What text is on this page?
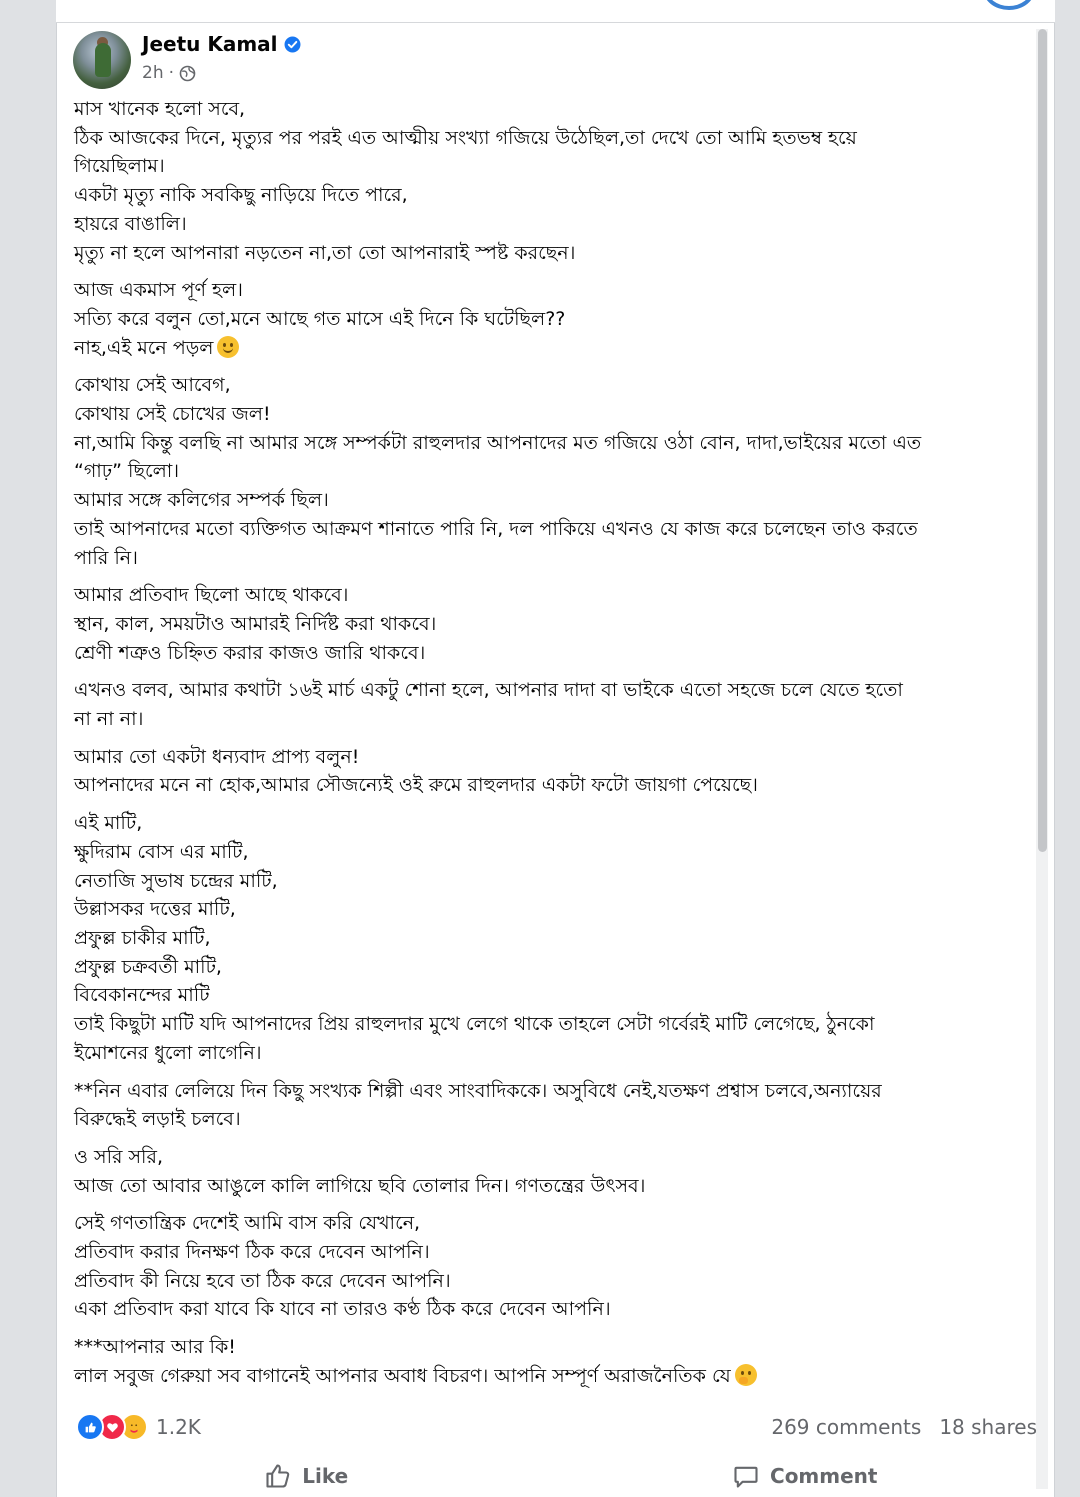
Jeetu Kamal
2h ·
মাস খানেক হলো সবে,
ঠিক আজকের দিনে, মৃত্যুর পর পরই এত আত্মীয় সংখ্যা গজিয়ে উঠেছিল,তা দেখে তো আমি হতভম্ব হয়ে
গিয়েছিলাম।
একটা মৃত্যু নাকি সবকিছু নাড়িয়ে দিতে পারে,
হায়রে বাঙালি।
মৃত্যু না হলে আপনারা নড়তেন না,তা তো আপনারাই স্পষ্ট করছেন।
আজ একমাস পূর্ণ হল।
সত্যি করে বলুন তো,মনে আছে গত মাসে এই দিনে কি ঘটেছিল??
নাহ,এই মনে পড়ল
কোথায় সেই আবেগ,
কোথায় সেই চোখের জল!
না,আমি কিন্তু বলছি না আমার সঙ্গে সম্পর্কটা রাহুলদার আপনাদের মত গজিয়ে ওঠা বোন, দাদা,ভাইয়ের মতো এত
“গাঢ়” ছিলো।
আমার সঙ্গে কলিগের সম্পর্ক ছিল।
তাই আপনাদের মতো ব্যক্তিগত আক্রমণ শানাতে পারি নি, দল পাকিয়ে এখনও যে কাজ করে চলেছেন তাও করতে
পারি নি।
আমার প্রতিবাদ ছিলো আছে থাকবে।
স্থান, কাল, সময়টাও আমারই নির্দিষ্ট করা থাকবে।
শ্রেণী শত্রুও চিহ্নিত করার কাজও জারি থাকবে।
এখনও বলব, আমার কথাটা ১৬ই মার্চ একটু শোনা হলে, আপনার দাদা বা ভাইকে এতো সহজে চলে যেতে হতো
না না না।
আমার তো একটা ধন্যবাদ প্রাপ্য বলুন!
আপনাদের মনে না হোক,আমার সৌজন্যেই ওই রুমে রাহুলদার একটা ফটো জায়গা পেয়েছে।
এই মাটি,
ক্ষুদিরাম বোস এর মাটি,
নেতাজি সুভাষ চন্দ্রের মাটি,
উল্লাসকর দত্তের মাটি,
প্রফুল্ল চাকীর মাটি,
প্রফুল্ল চক্রবর্তী মাটি,
বিবেকানন্দের মাটি
তাই কিছুটা মাটি যদি আপনাদের প্রিয় রাহুলদার মুখে লেগে থাকে তাহলে সেটা গর্বেরই মাটি লেগেছে, ঠুনকো
ইমোশনের ধুলো লাগেনি।
**নিন এবার লেলিয়ে দিন কিছু সংখ্যক শিল্পী এবং সাংবাদিককে। অসুবিধে নেই,যতক্ষণ প্রশ্বাস চলবে,অন্যায়ের
বিরুদ্ধেই লড়াই চলবে।
ও সরি সরি,
আজ তো আবার আঙুলে কালি লাগিয়ে ছবি তোলার দিন। গণতন্ত্রের উৎসব।
সেই গণতান্ত্রিক দেশেই আমি বাস করি যেখানে,
প্রতিবাদ করার দিনক্ষণ ঠিক করে দেবেন আপনি।
প্রতিবাদ কী নিয়ে হবে তা ঠিক করে দেবেন আপনি।
একা প্রতিবাদ করা যাবে কি যাবে না তারও কণ্ঠ ঠিক করে দেবেন আপনি।
***আপনার আর কি!
লাল সবুজ গেরুয়া সব বাগানেই আপনার অবাধ বিচরণ। আপনি সম্পূর্ণ অরাজনৈতিক যে
1.2K	269 comments 18 shares
Like	Comment
